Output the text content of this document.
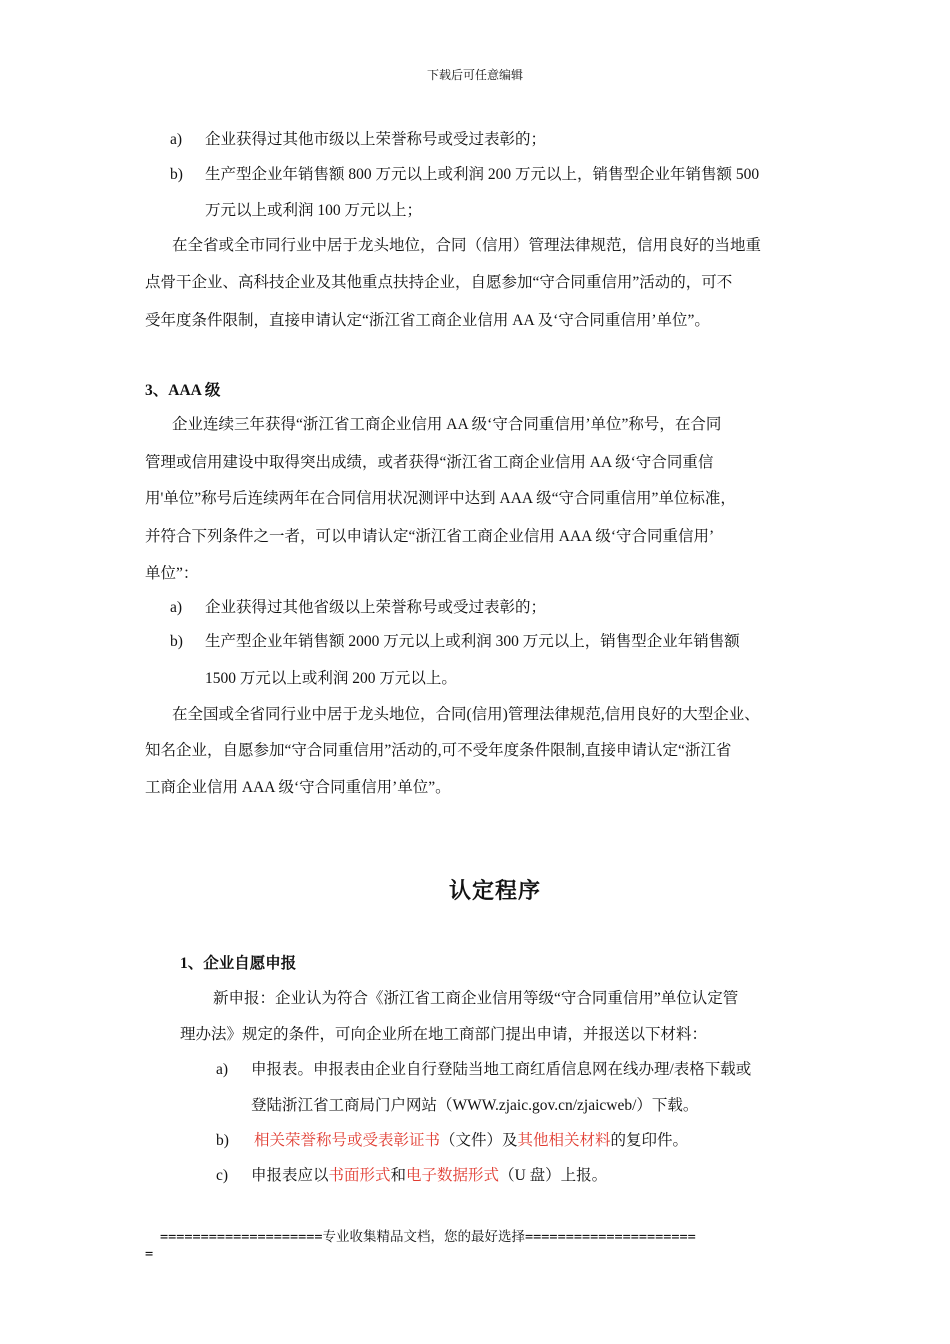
下载后可任意编辑
a) 企业获得过其他市级以上荣誉称号或受过表彰的；
b) 生产型企业年销售额 800 万元以上或利润 200 万元以上，销售型企业年销售额 500
万元以上或利润 100 万元以上；
在全省或全市同行业中居于龙头地位，合同（信用）管理法律规范，信用良好的当地重
点骨干企业、高科技企业及其他重点扶持企业，自愿参加“守合同重信用”活动的，可不
受年度条件限制，直接申请认定“浙江省工商企业信用 AA 及‘守合同重信用’单位”。
3、AAA 级
企业连续三年获得“浙江省工商企业信用 AA 级‘守合同重信用’单位”称号，在合同
管理或信用建设中取得突出成绩，或者获得“浙江省工商企业信用 AA 级‘守合同重信
用'单位”称号后连续两年在合同信用状况测评中达到 AAA 级“守合同重信用”单位标准，
并符合下列条件之一者，可以申请认定“浙江省工商企业信用 AAA 级‘守合同重信用’
单位”：
a) 企业获得过其他省级以上荣誉称号或受过表彰的；
b) 生产型企业年销售额 2000 万元以上或利润 300 万元以上，销售型企业年销售额
1500 万元以上或利润 200 万元以上。
在全国或全省同行业中居于龙头地位，合同(信用)管理法律规范,信用良好的大型企业、
知名企业，自愿参加“守合同重信用”活动的,可不受年度条件限制,直接申请认定“浙江省
工商企业信用 AAA 级‘守合同重信用’单位”。
认定程序
1、企业自愿申报
新申报：企业认为符合《浙江省工商企业信用等级“守合同重信用”单位认定管
理办法》规定的条件，可向企业所在地工商部门提出申请，并报送以下材料：
a) 申报表。申报表由企业自行登陆当地工商红盾信息网在线办理/表格下载或
登陆浙江省工商局门户网站（WWW.zjaic.gov.cn/zjaicweb/）下载。
b) 相关荣誉称号或受表彰证书（文件）及其他相关材料的复印件。
c) 申报表应以书面形式和电子数据形式（U 盘）上报。
====================专业收集精品文档，您的最好选择=====================
=
